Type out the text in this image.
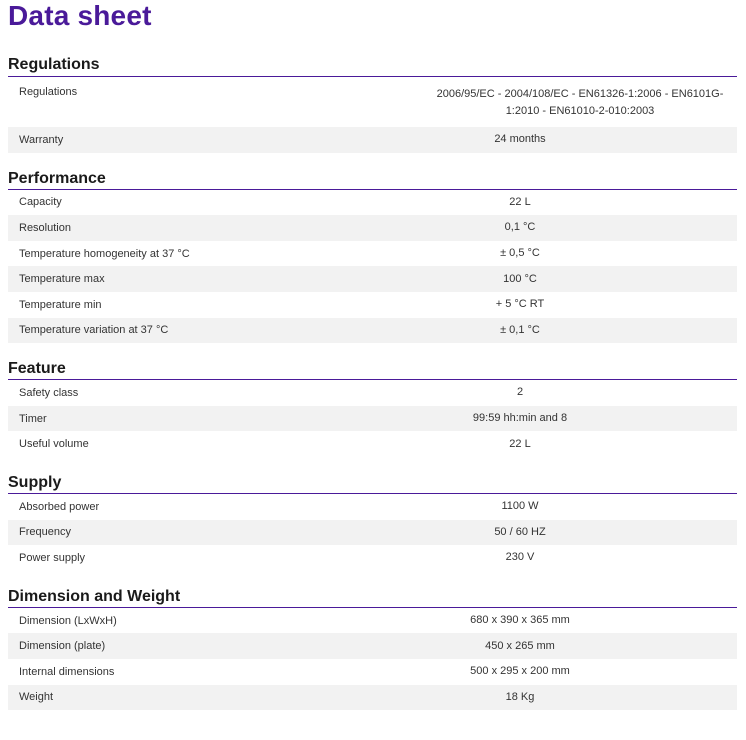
Data sheet
Regulations
Regulations	2006/95/EC - 2004/108/EC - EN61326-1:2006 - EN6101G-1:2010 - EN61010-2-010:2003
Warranty	24 months
Performance
Capacity	22 L
Resolution	0,1 °C
Temperature homogeneity at 37 °C	± 0,5 °C
Temperature max	100 °C
Temperature min	+ 5 °C RT
Temperature variation at 37 °C	± 0,1 °C
Feature
Safety class	2
Timer	99:59 hh:min and 8
Useful volume	22 L
Supply
Absorbed power	1100 W
Frequency	50 / 60 HZ
Power supply	230 V
Dimension and Weight
Dimension (LxWxH)	680 x 390 x 365 mm
Dimension (plate)	450 x 265 mm
Internal dimensions	500 x 295 x 200 mm
Weight	18 Kg
